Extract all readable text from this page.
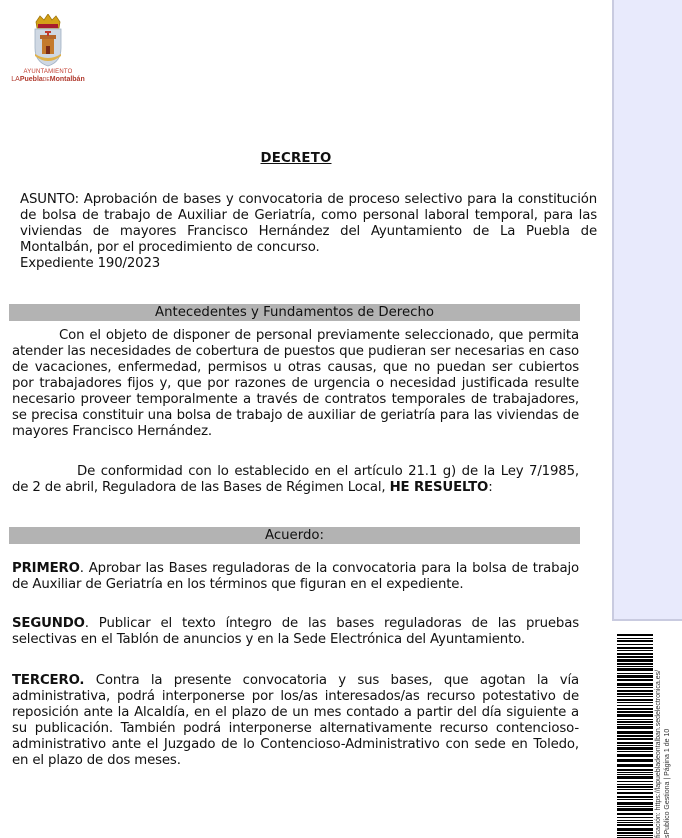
AYUNTAMIENTO
LAPueblaDEMontalbán
DECRETO
ASUNTO: Aprobación de bases y convocatoria de proceso selectivo para la constitución de bolsa de trabajo de Auxiliar de Geriatría, como personal laboral temporal, para las viviendas de mayores Francisco Hernández del Ayuntamiento de La Puebla de Montalbán, por el procedimiento de concurso.
Expediente 190/2023
Antecedentes y Fundamentos de Derecho
Con el objeto de disponer de personal previamente seleccionado, que permita atender las necesidades de cobertura de puestos que pudieran ser necesarias en caso de vacaciones, enfermedad, permisos u otras causas, que no puedan ser cubiertos por trabajadores fijos y, que por razones de urgencia o necesidad justificada resulte necesario proveer temporalmente a través de contratos temporales de trabajadores, se precisa constituir una bolsa de trabajo de auxiliar de geriatría para las viviendas de mayores Francisco Hernández.
De conformidad con lo establecido en el artículo 21.1 g) de la Ley 7/1985, de 2 de abril, Reguladora de las Bases de Régimen Local, HE RESUELTO:
Acuerdo:
PRIMERO. Aprobar las Bases reguladoras de la convocatoria para la bolsa de trabajo de Auxiliar de Geriatría en los términos que figuran en el expediente.
SEGUNDO. Publicar el texto íntegro de las bases reguladoras de las pruebas selectivas en el Tablón de anuncios y en la Sede Electrónica del Ayuntamiento.
TERCERO. Contra la presente convocatoria y sus bases, que agotan la vía administrativa, podrá interponerse por los/as interesados/as recurso potestativo de reposición ante la Alcaldía, en el plazo de un mes contado a partir del día siguiente a su publicación. También podrá interponerse alternativamente recurso contencioso-administrativo ante el Juzgado de lo Contencioso-Administrativo con sede en Toledo, en el plazo de dos meses.	ficación: https://lapuebladeontalban.sedelectronica.es/ sPublico Gestiona | Página 1 de 10
